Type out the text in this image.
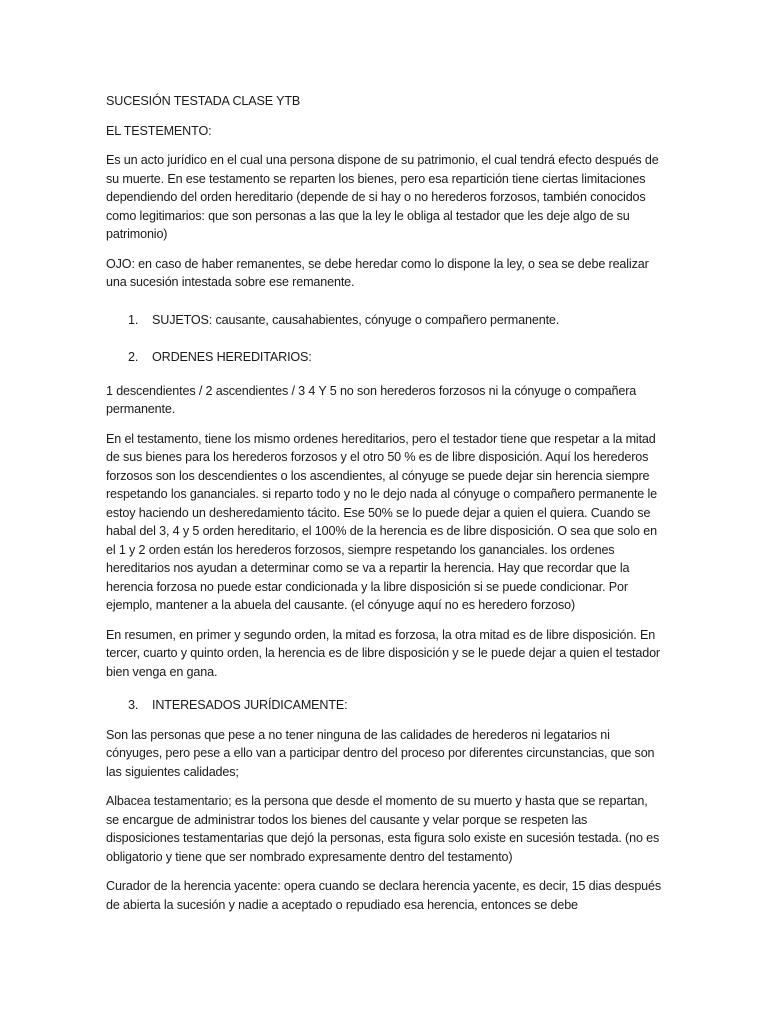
SUCESIÓN TESTADA CLASE YTB

EL TESTEMENTO:

Es un acto jurídico en el cual una persona dispone de su patrimonio, el cual tendrá efecto después de su muerte. En ese testamento se reparten los bienes, pero esa repartición tiene ciertas limitaciones dependiendo del orden hereditario (depende de si hay o no herederos forzosos, también conocidos como legitimarios: que son personas a las que la ley le obliga al testador que les deje algo de su patrimonio)

OJO: en caso de haber remanentes, se debe heredar como lo dispone la ley, o sea se debe realizar una sucesión intestada sobre ese remanente.

1.	SUJETOS: causante, causahabientes, cónyuge o compañero permanente.
2.	ORDENES HEREDITARIOS:

1 descendientes / 2 ascendientes / 3 4 Y 5 no son herederos forzosos ni la cónyuge o compañera permanente.

En el testamento, tiene los mismo ordenes hereditarios, pero el testador tiene que respetar a la mitad de sus bienes para los herederos forzosos y el otro 50 % es de libre disposición. Aquí los herederos forzosos son los descendientes o los ascendientes, al cónyuge se puede dejar sin herencia siempre respetando los gananciales. si reparto todo y no le dejo nada al cónyuge o compañero permanente le estoy haciendo un desheredamiento tácito. Ese 50% se lo puede dejar a quien el quiera. Cuando se habal del 3, 4 y 5 orden hereditario, el 100% de la herencia es de libre disposición. O sea que solo en el 1 y 2 orden están los herederos forzosos, siempre respetando los gananciales. los ordenes hereditarios nos ayudan a determinar como se va a repartir la herencia. Hay que recordar que la herencia forzosa no puede estar condicionada y la libre disposición si se puede condicionar. Por ejemplo, mantener a la abuela del causante. (el cónyuge aquí no es heredero forzoso)

En resumen, en primer y segundo orden, la mitad es forzosa, la otra mitad es de libre disposición. En tercer, cuarto y quinto orden, la herencia es de libre disposición y se le puede dejar a quien el testador bien venga en gana.

3.	INTERESADOS JURÍDICAMENTE:

Son las personas que pese a no tener ninguna de las calidades de herederos ni legatarios ni cónyuges, pero pese a ello van a participar dentro del proceso por diferentes circunstancias, que son las siguientes calidades;

Albacea testamentario; es la persona que desde el momento de su muerto y hasta que se repartan, se encargue de administrar todos los bienes del causante y velar porque se respeten las disposiciones testamentarias que dejó la personas, esta figura solo existe en sucesión testada. (no es obligatorio y tiene que ser nombrado expresamente dentro del testamento)

Curador de la herencia yacente: opera cuando se declara herencia yacente, es decir, 15 dias después de abierta la sucesión y nadie a aceptado o repudiado esa herencia, entonces se debe
